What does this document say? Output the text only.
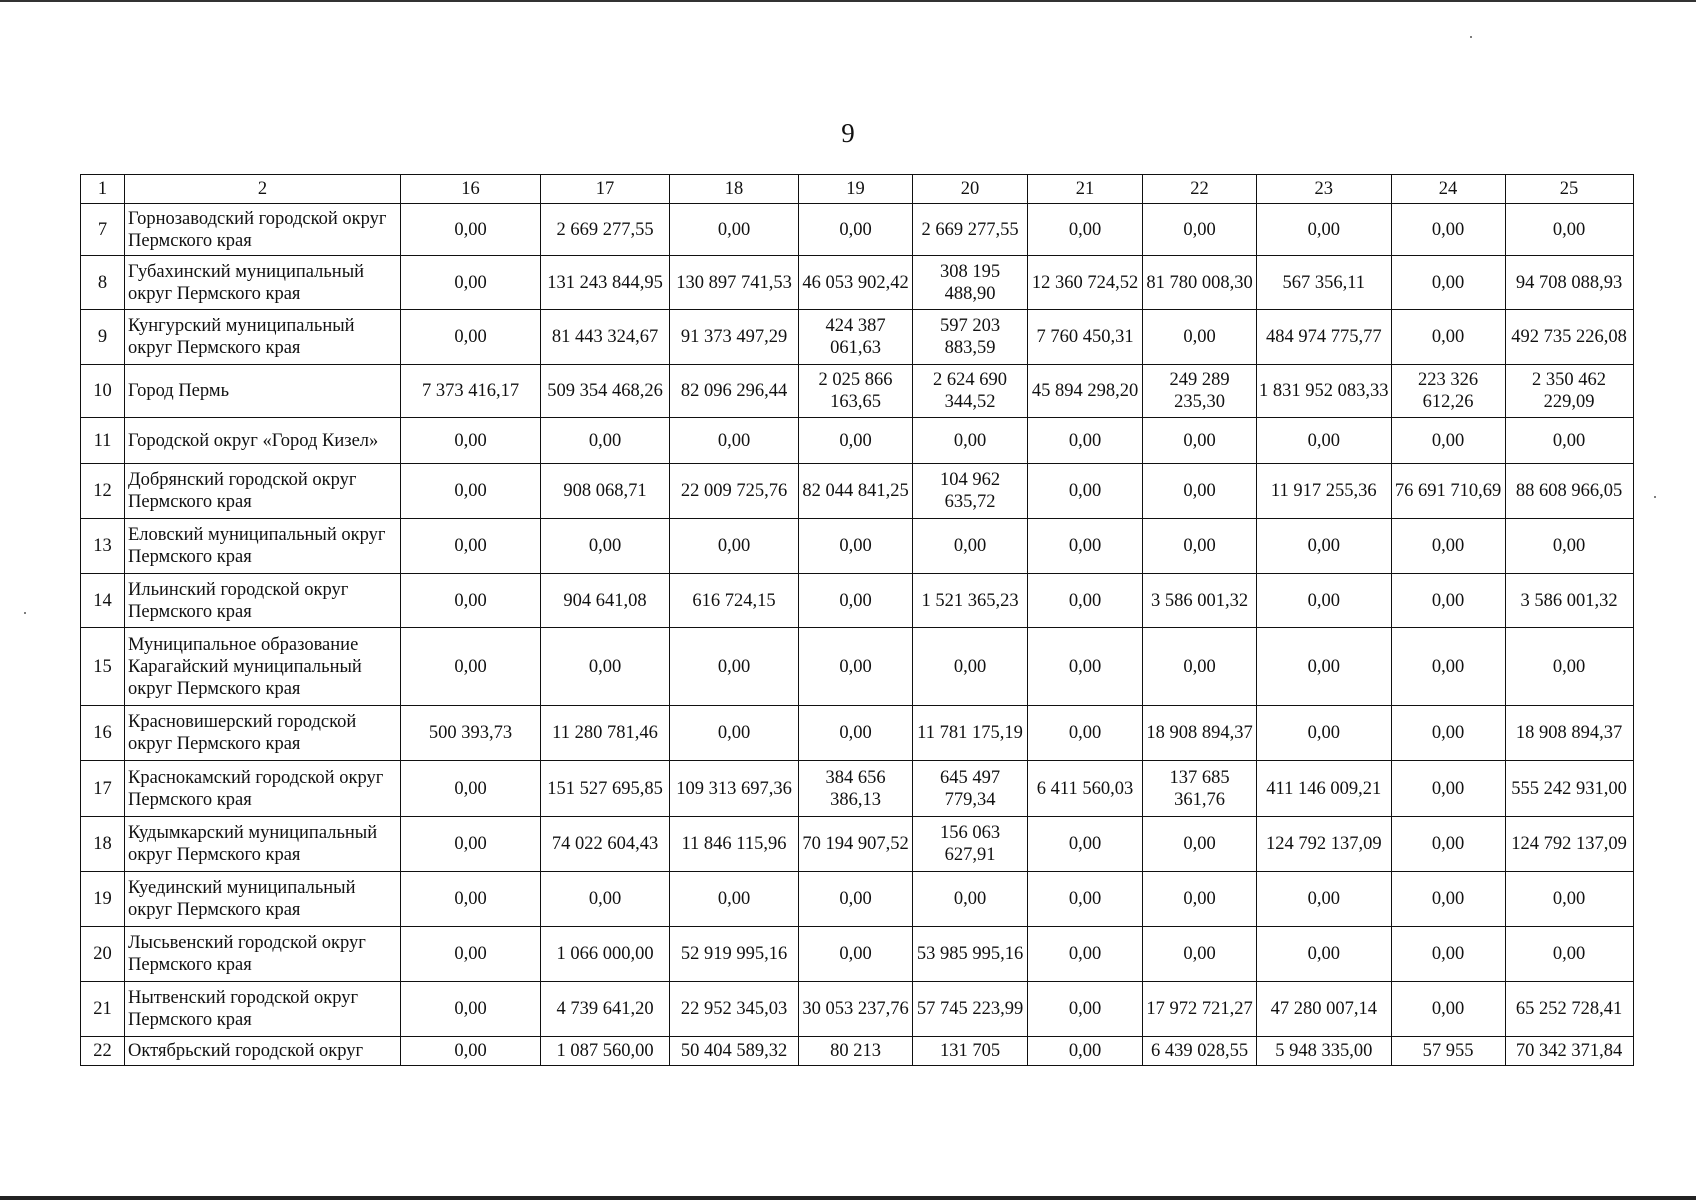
9
1	2	16	17	18	19	20	21	22	23	24	25
7	Горнозаводский городской округ Пермского края	0,00	2 669 277,55	0,00	0,00	2 669 277,55	0,00	0,00	0,00	0,00	0,00
8	Губахинский муниципальный округ Пермского края	0,00	131 243 844,95	130 897 741,53	46 053 902,42	308 195 488,90	12 360 724,52	81 780 008,30	567 356,11	0,00	94 708 088,93
9	Кунгурский муниципальный округ Пермского края	0,00	81 443 324,67	91 373 497,29	424 387 061,63	597 203 883,59	7 760 450,31	0,00	484 974 775,77	0,00	492 735 226,08
10	Город Пермь	7 373 416,17	509 354 468,26	82 096 296,44	2 025 866 163,65	2 624 690 344,52	45 894 298,20	249 289 235,30	1 831 952 083,33	223 326 612,26	2 350 462 229,09
11	Городской округ «Город Кизел»	0,00	0,00	0,00	0,00	0,00	0,00	0,00	0,00	0,00	0,00
12	Добрянский городской округ Пермского края	0,00	908 068,71	22 009 725,76	82 044 841,25	104 962 635,72	0,00	0,00	11 917 255,36	76 691 710,69	88 608 966,05
13	Еловский муниципальный округ Пермского края	0,00	0,00	0,00	0,00	0,00	0,00	0,00	0,00	0,00	0,00
14	Ильинский городской округ Пермского края	0,00	904 641,08	616 724,15	0,00	1 521 365,23	0,00	3 586 001,32	0,00	0,00	3 586 001,32
15	Муниципальное образование Карагайский муниципальный округ Пермского края	0,00	0,00	0,00	0,00	0,00	0,00	0,00	0,00	0,00	0,00
16	Красновишерский городской округ Пермского края	500 393,73	11 280 781,46	0,00	0,00	11 781 175,19	0,00	18 908 894,37	0,00	0,00	18 908 894,37
17	Краснокамский городской округ Пермского края	0,00	151 527 695,85	109 313 697,36	384 656 386,13	645 497 779,34	6 411 560,03	137 685 361,76	411 146 009,21	0,00	555 242 931,00
18	Кудымкарский муниципальный округ Пермского края	0,00	74 022 604,43	11 846 115,96	70 194 907,52	156 063 627,91	0,00	0,00	124 792 137,09	0,00	124 792 137,09
19	Куединский муниципальный округ Пермского края	0,00	0,00	0,00	0,00	0,00	0,00	0,00	0,00	0,00	0,00
20	Лысьвенский городской округ Пермского края	0,00	1 066 000,00	52 919 995,16	0,00	53 985 995,16	0,00	0,00	0,00	0,00	0,00
21	Нытвенский городской округ Пермского края	0,00	4 739 641,20	22 952 345,03	30 053 237,76	57 745 223,99	0,00	17 972 721,27	47 280 007,14	0,00	65 252 728,41
22	Октябрьский городской округ	0,00	1 087 560,00	50 404 589,32	80 213	131 705	0,00	6 439 028,55	5 948 335,00	57 955	70 342 371,84
